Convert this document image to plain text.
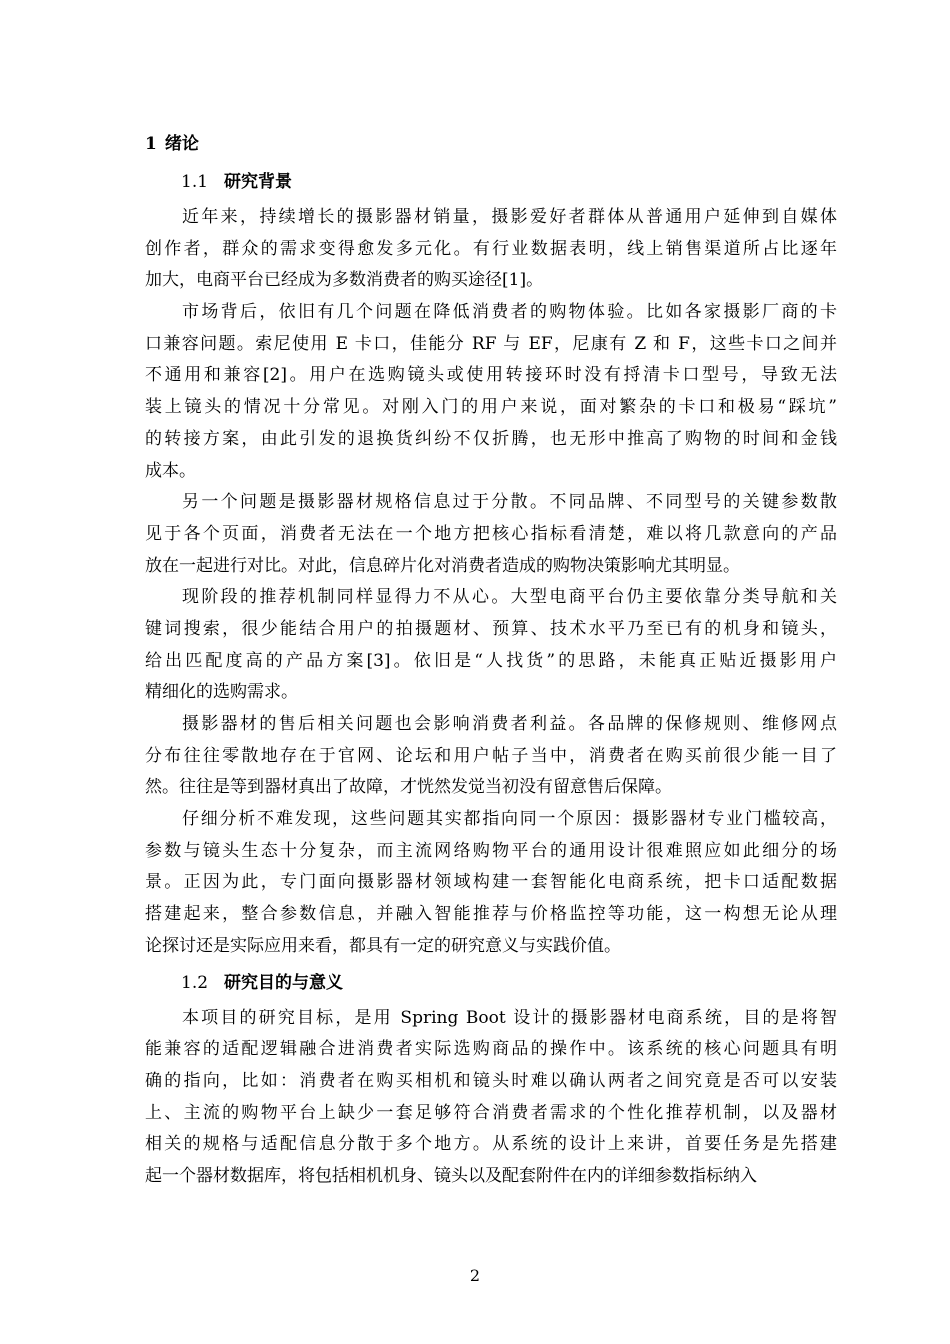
1 绪论
1.1 研究背景
近年来，持续增长的摄影器材销量，摄影爱好者群体从普通用户延伸到自媒体
创作者，群众的需求变得愈发多元化。有行业数据表明，线上销售渠道所占比逐年
加大，电商平台已经成为多数消费者的购买途径[1]。
市场背后，依旧有几个问题在降低消费者的购物体验。比如各家摄影厂商的卡
口兼容问题。索尼使用 E 卡口，佳能分 RF 与 EF，尼康有 Z 和 F，这些卡口之间并
不通用和兼容[2]。用户在选购镜头或使用转接环时没有捋清卡口型号，导致无法
装上镜头的情况十分常见。对刚入门的用户来说，面对繁杂的卡口和极易“踩坑”
的转接方案，由此引发的退换货纠纷不仅折腾，也无形中推高了购物的时间和金钱
成本。
另一个问题是摄影器材规格信息过于分散。不同品牌、不同型号的关键参数散
见于各个页面，消费者无法在一个地方把核心指标看清楚，难以将几款意向的产品
放在一起进行对比。对此，信息碎片化对消费者造成的购物决策影响尤其明显。
现阶段的推荐机制同样显得力不从心。大型电商平台仍主要依靠分类导航和关
键词搜索，很少能结合用户的拍摄题材、预算、技术水平乃至已有的机身和镜头，
给出匹配度高的产品方案[3]。依旧是“人找货”的思路，未能真正贴近摄影用户
精细化的选购需求。
摄影器材的售后相关问题也会影响消费者利益。各品牌的保修规则、维修网点
分布往往零散地存在于官网、论坛和用户帖子当中，消费者在购买前很少能一目了
然。往往是等到器材真出了故障，才恍然发觉当初没有留意售后保障。
仔细分析不难发现，这些问题其实都指向同一个原因：摄影器材专业门槛较高，
参数与镜头生态十分复杂，而主流网络购物平台的通用设计很难照应如此细分的场
景。正因为此，专门面向摄影器材领域构建一套智能化电商系统，把卡口适配数据
搭建起来，整合参数信息，并融入智能推荐与价格监控等功能，这一构想无论从理
论探讨还是实际应用来看，都具有一定的研究意义与实践价值。
1.2 研究目的与意义
本项目的研究目标，是用 Spring Boot 设计的摄影器材电商系统，目的是将智
能兼容的适配逻辑融合进消费者实际选购商品的操作中。该系统的核心问题具有明
确的指向，比如：消费者在购买相机和镜头时难以确认两者之间究竟是否可以安装
上、主流的购物平台上缺少一套足够符合消费者需求的个性化推荐机制，以及器材
相关的规格与适配信息分散于多个地方。从系统的设计上来讲，首要任务是先搭建
起一个器材数据库，将包括相机机身、镜头以及配套附件在内的详细参数指标纳入
2
